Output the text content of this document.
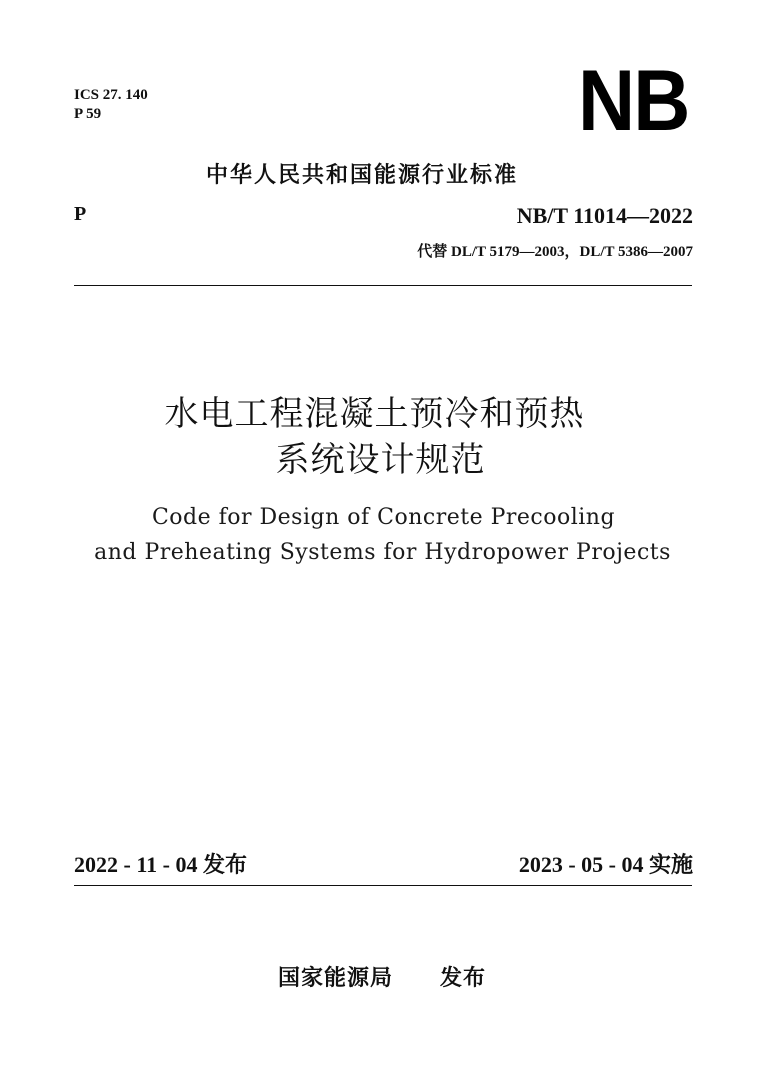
ICS 27. 140
P 59	NB
中华人民共和国能源行业标准
P	NB/T 11014—2022
代替 DL/T 5179—2003，DL/T 5386—2007
水电工程混凝土预冷和预热
系统设计规范
Code for Design of Concrete Precooling
and Preheating Systems for Hydropower Projects
2022 - 11 - 04 发布	2023 - 05 - 04 实施
国家能源局 发布
